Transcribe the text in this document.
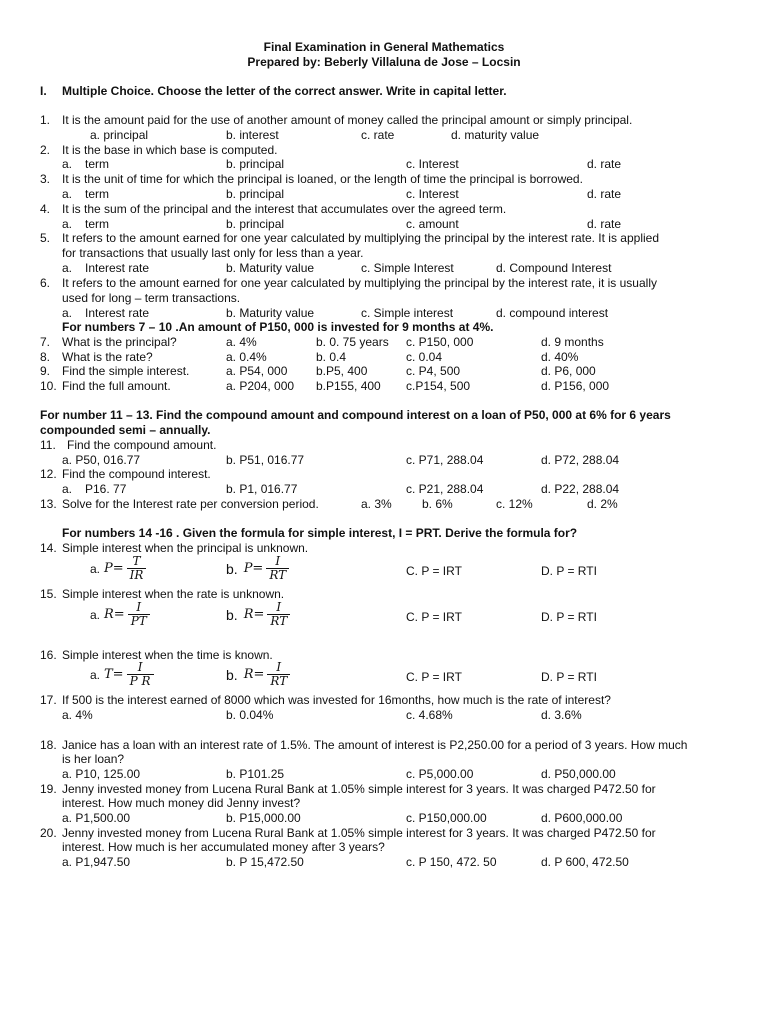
Final Examination in General Mathematics
Prepared by: Beberly Villaluna de Jose – Locsin
I. Multiple Choice. Choose the letter of the correct answer. Write in capital letter.
1. It is the amount paid for the use of another amount of money called the principal amount or simply principal.
a. principal	b. interest	c. rate	d. maturity value
2. It is the base in which base is computed.
a. term	b. principal	c. Interest	d. rate
3. It is the unit of time for which the principal is loaned, or the length of time the principal is borrowed.
a. term	b. principal	c. Interest	d. rate
4. It is the sum of the principal and the interest that accumulates over the agreed term.
a. term	b. principal	c. amount	d. rate
5. It refers to the amount earned for one year calculated by multiplying the principal by the interest rate. It is applied
for transactions that usually last only for less than a year.
a. Interest rate	b. Maturity value	c. Simple Interest	d. Compound Interest
6. It refers to the amount earned for one year calculated by multiplying the principal by the interest rate, it is usually
used for long – term transactions.
a. Interest rate	b. Maturity value	c. Simple interest	d. compound interest
For numbers 7 – 10 .An amount of P150, 000 is invested for 9 months at 4%.
7. What is the principal?	a. 4%	b. 0. 75 years c. P150, 000	d. 9 months
8. What is the rate?	a. 0.4%	b. 0.4	c. 0.04	d. 40%
9. Find the simple interest.	a. P54, 000 b.P5, 400	c. P4, 500	d. P6, 000
10. Find the full amount.	a. P204, 000 b.P155, 400 c.P154, 500	d. P156, 000
For number 11 – 13. Find the compound amount and compound interest on a loan of P50, 000 at 6% for 6 years
compounded semi – annually.
11. Find the compound amount.
a. P50, 016.77	b. P51, 016.77	c. P71, 288.04	d. P72, 288.04
12. Find the compound interest.
a. P16. 77	b. P1, 016.77	c. P21, 288.04	d. P22, 288.04
13. Solve for the Interest rate per conversion period.	a. 3%	b. 6%	c. 12%	d. 2%
For numbers 14 -16 . Given the formula for simple interest, I = PRT. Derive the formula for?
14. Simple interest when the principal is unknown.
a. $P= \frac{T}{IR}$	b. $P= \frac{I}{RT}$	C. P = IRT	D. P = RTI
15. Simple interest when the rate is unknown.
a. $R= \frac{I}{PT}$	b. $R= \frac{I}{RT}$	C. P = IRT	D. P = RTI
16. Simple interest when the time is known.
a. $T= \frac{I}{\text{P R}}$	b. $R= \frac{I}{RT}$	C. P = IRT	D. P = RTI
17. If 500 is the interest earned of 8000 which was invested for 16months, how much is the rate of interest?
a. 4%	b. 0.04%	c. 4.68%	d. 3.6%
18. Janice has a loan with an interest rate of 1.5%. The amount of interest is P2,250.00 for a period of 3 years. How much
is her loan?
a. P10, 125.00	b. P101.25	c. P5,000.00	d. P50,000.00
19. Jenny invested money from Lucena Rural Bank at 1.05% simple interest for 3 years. It was charged P472.50 for
interest. How much money did Jenny invest?
a. P1,500.00	b. P15,000.00	c. P150,000.00	d. P600,000.00
20. Jenny invested money from Lucena Rural Bank at 1.05% simple interest for 3 years. It was charged P472.50 for
interest. How much is her accumulated money after 3 years?
a. P1,947.50	b. P 15,472.50	c. P 150, 472. 50	d. P 600, 472.50
